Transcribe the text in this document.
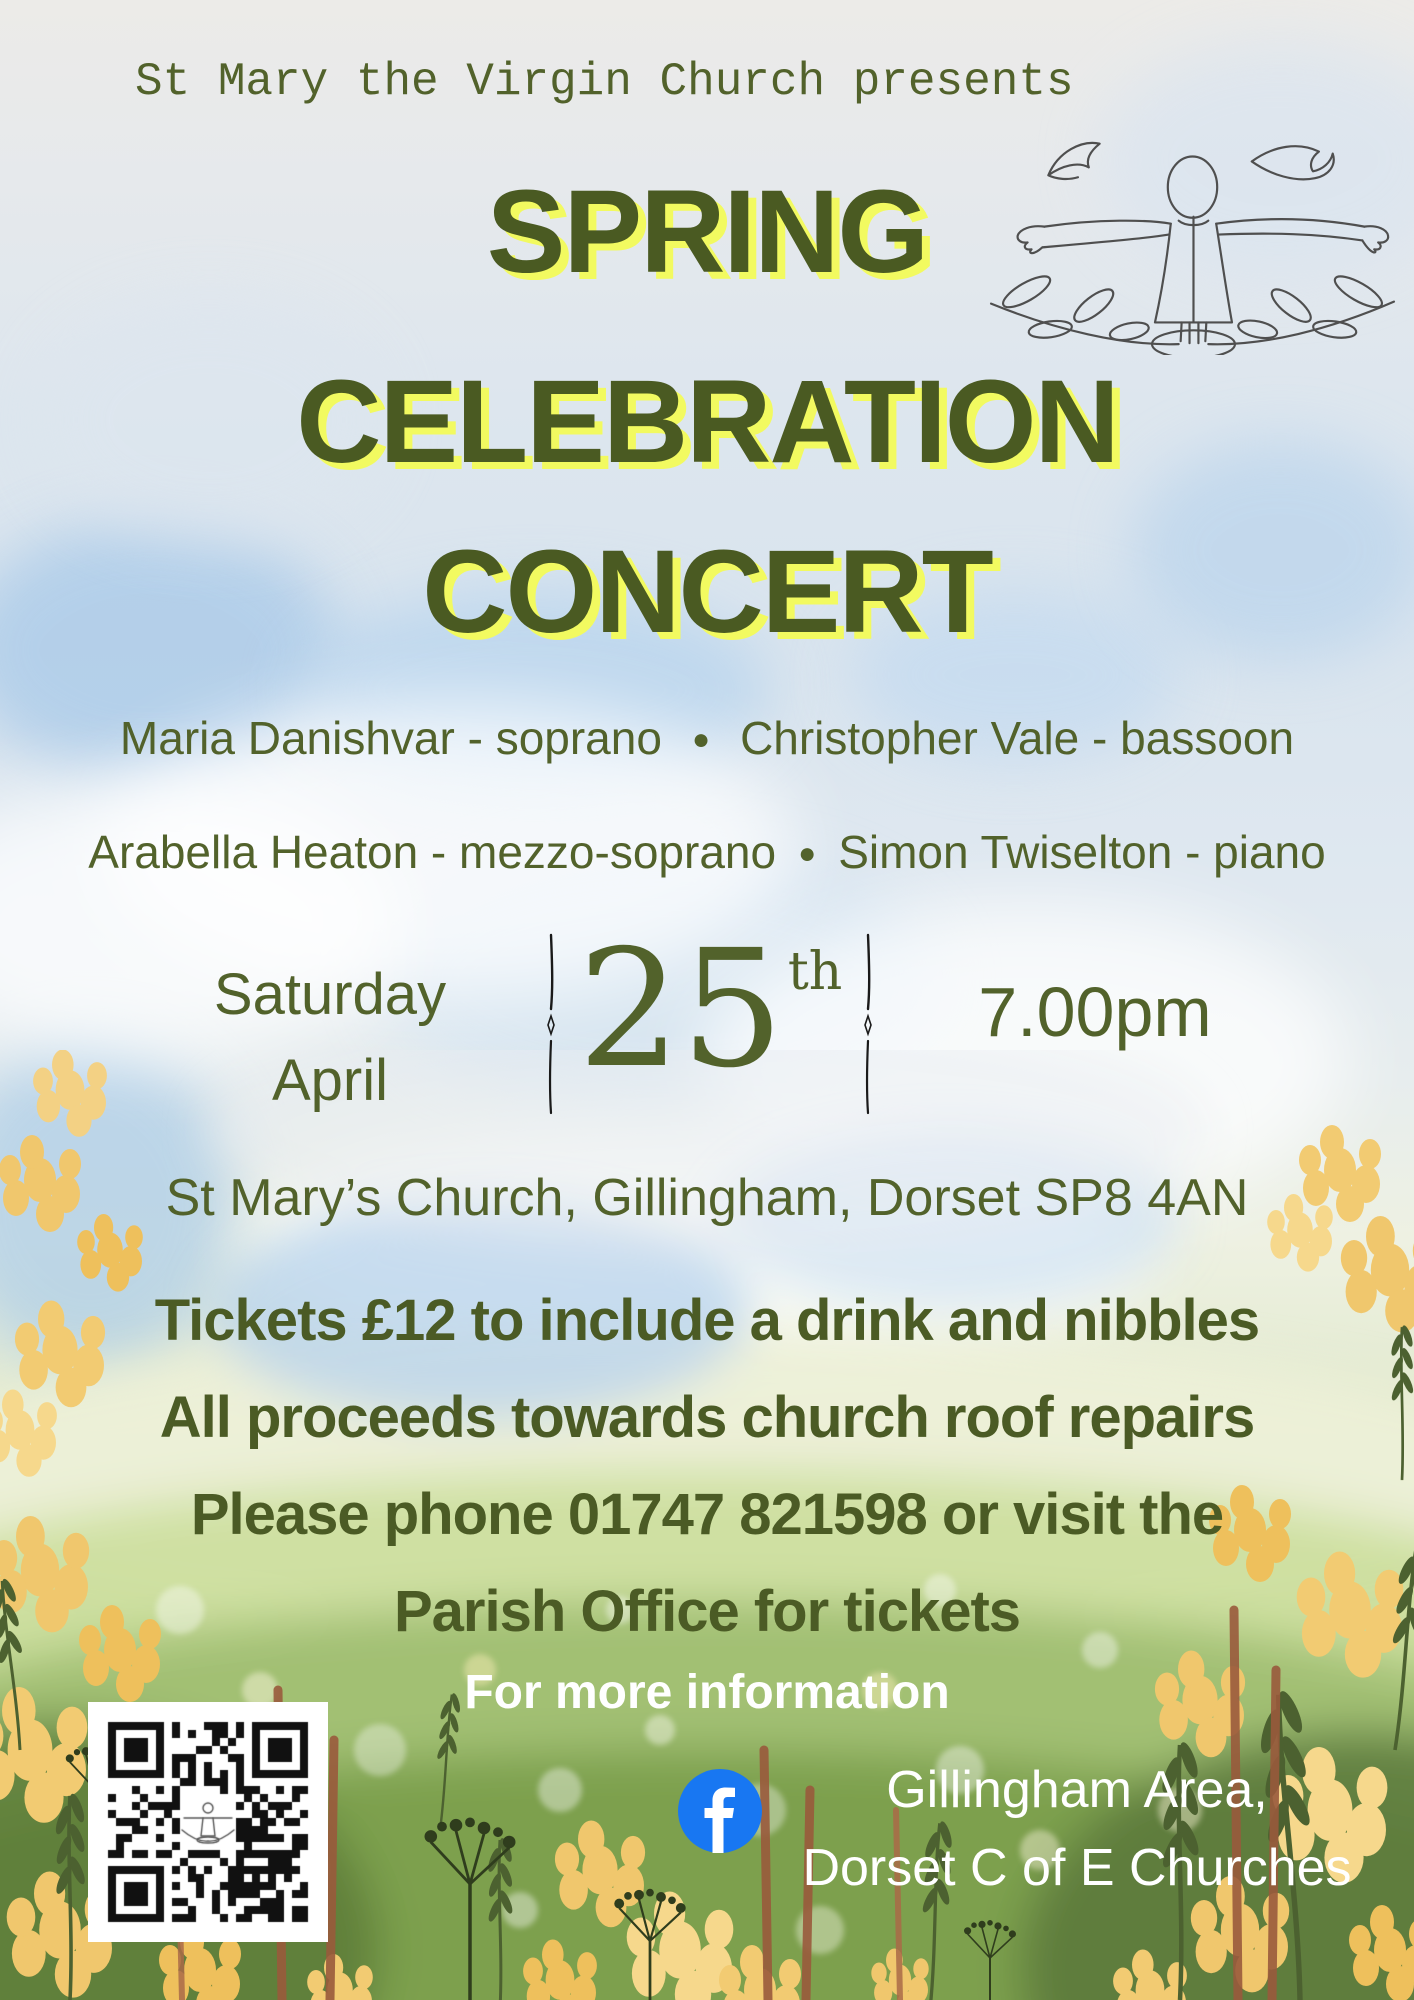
St Mary the Virgin Church presents
SPRING
CELEBRATION
CONCERT
Maria Danishvar - soprano ● Christopher Vale - bassoon
Arabella Heaton - mezzo-soprano ● Simon Twiselton - piano
Saturday
April	25th
7.00pm
St Mary’s Church, Gillingham, Dorset SP8 4AN
Tickets £12 to include a drink and nibbles
All proceeds towards church roof repairs
Please phone 01747 821598 or visit the
Parish Office for tickets
For more information
Gillingham Area,
Dorset C of E Churches
